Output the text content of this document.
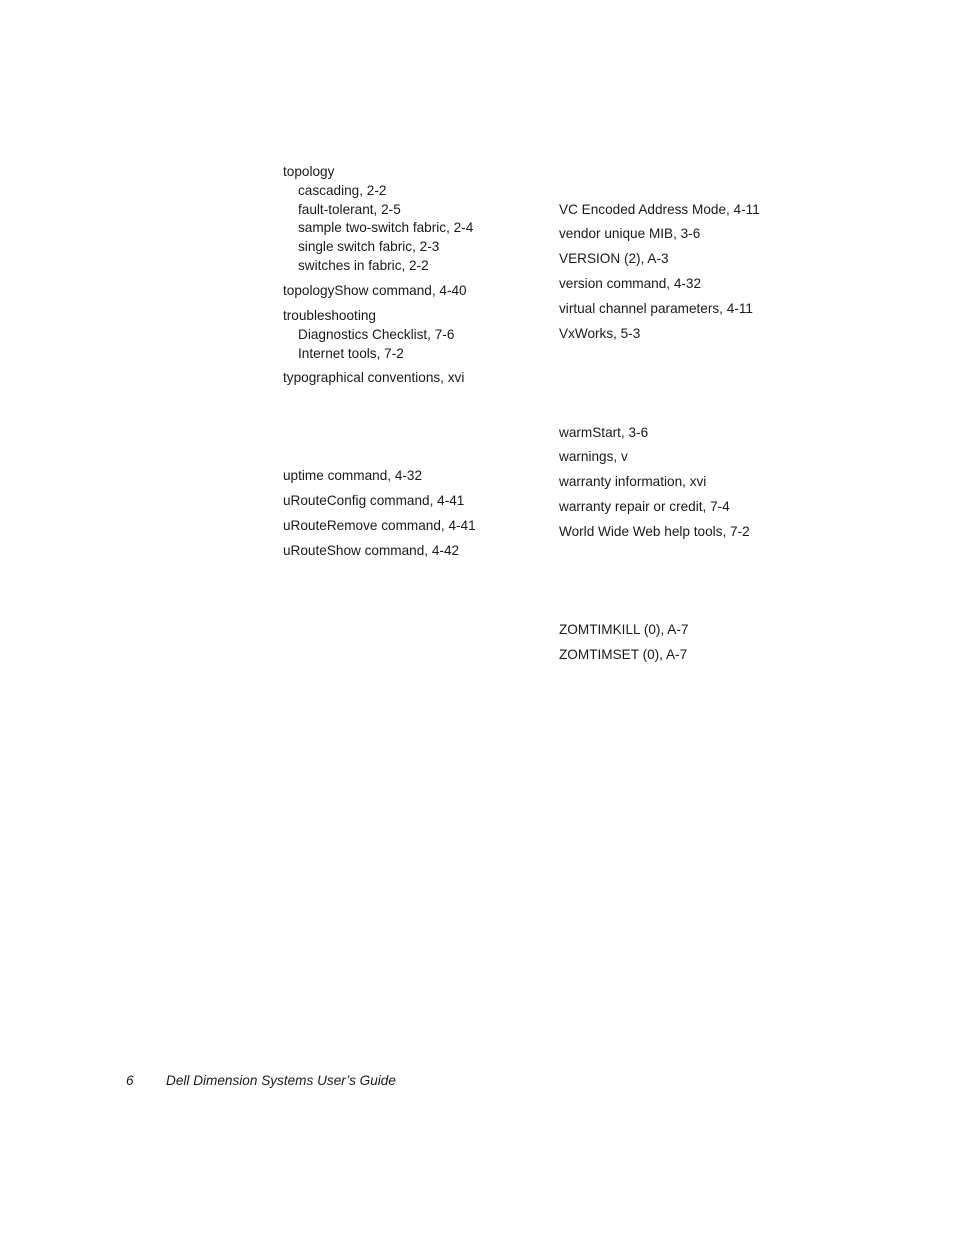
topology
cascading, 2-2
fault-tolerant, 2-5
sample two-switch fabric, 2-4
single switch fabric, 2-3
switches in fabric, 2-2
topologyShow command, 4-40
troubleshooting
Diagnostics Checklist, 7-6
Internet tools, 7-2
typographical conventions, xvi
uptime command, 4-32
uRouteConfig command, 4-41
uRouteRemove command, 4-41
uRouteShow command, 4-42
VC Encoded Address Mode, 4-11
vendor unique MIB, 3-6
VERSION (2), A-3
version command, 4-32
virtual channel parameters, 4-11
VxWorks, 5-3
warmStart, 3-6
warnings, v
warranty information, xvi
warranty repair or credit, 7-4
World Wide Web help tools, 7-2
ZOMTIMKILL (0), A-7
ZOMTIMSET (0), A-7
6 Dell Dimension Systems User’s Guide
